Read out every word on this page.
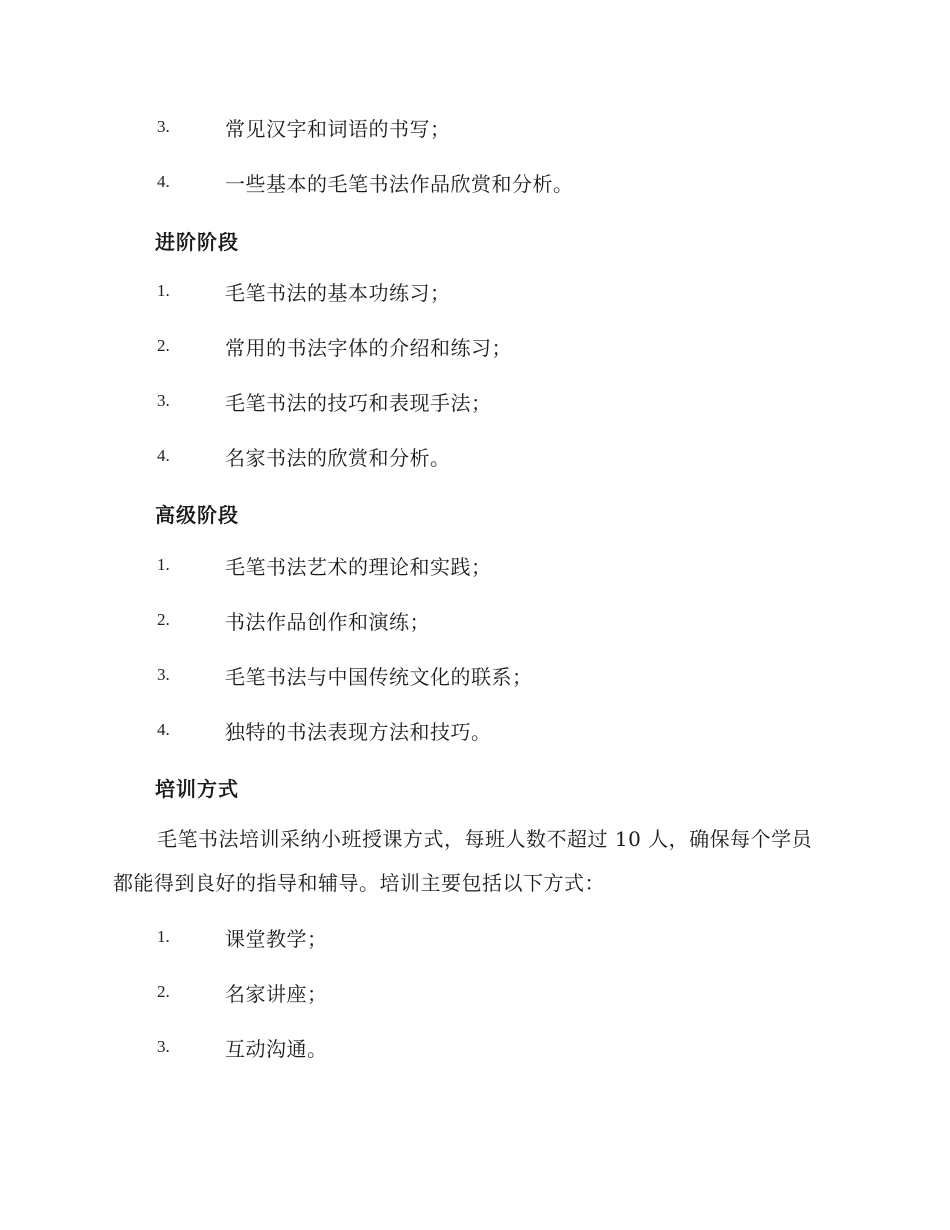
3.	常见汉字和词语的书写；
4.	一些基本的毛笔书法作品欣赏和分析。
进阶阶段
1.	毛笔书法的基本功练习；
2.	常用的书法字体的介绍和练习；
3.	毛笔书法的技巧和表现手法；
4.	名家书法的欣赏和分析。
高级阶段
1.	毛笔书法艺术的理论和实践；
2.	书法作品创作和演练；
3.	毛笔书法与中国传统文化的联系；
4.	独特的书法表现方法和技巧。
培训方式
毛笔书法培训采纳小班授课方式，每班人数不超过 10 人，确保每个学员
都能得到良好的指导和辅导。培训主要包括以下方式：
1.	课堂教学；
2.	名家讲座；
3.	互动沟通。
